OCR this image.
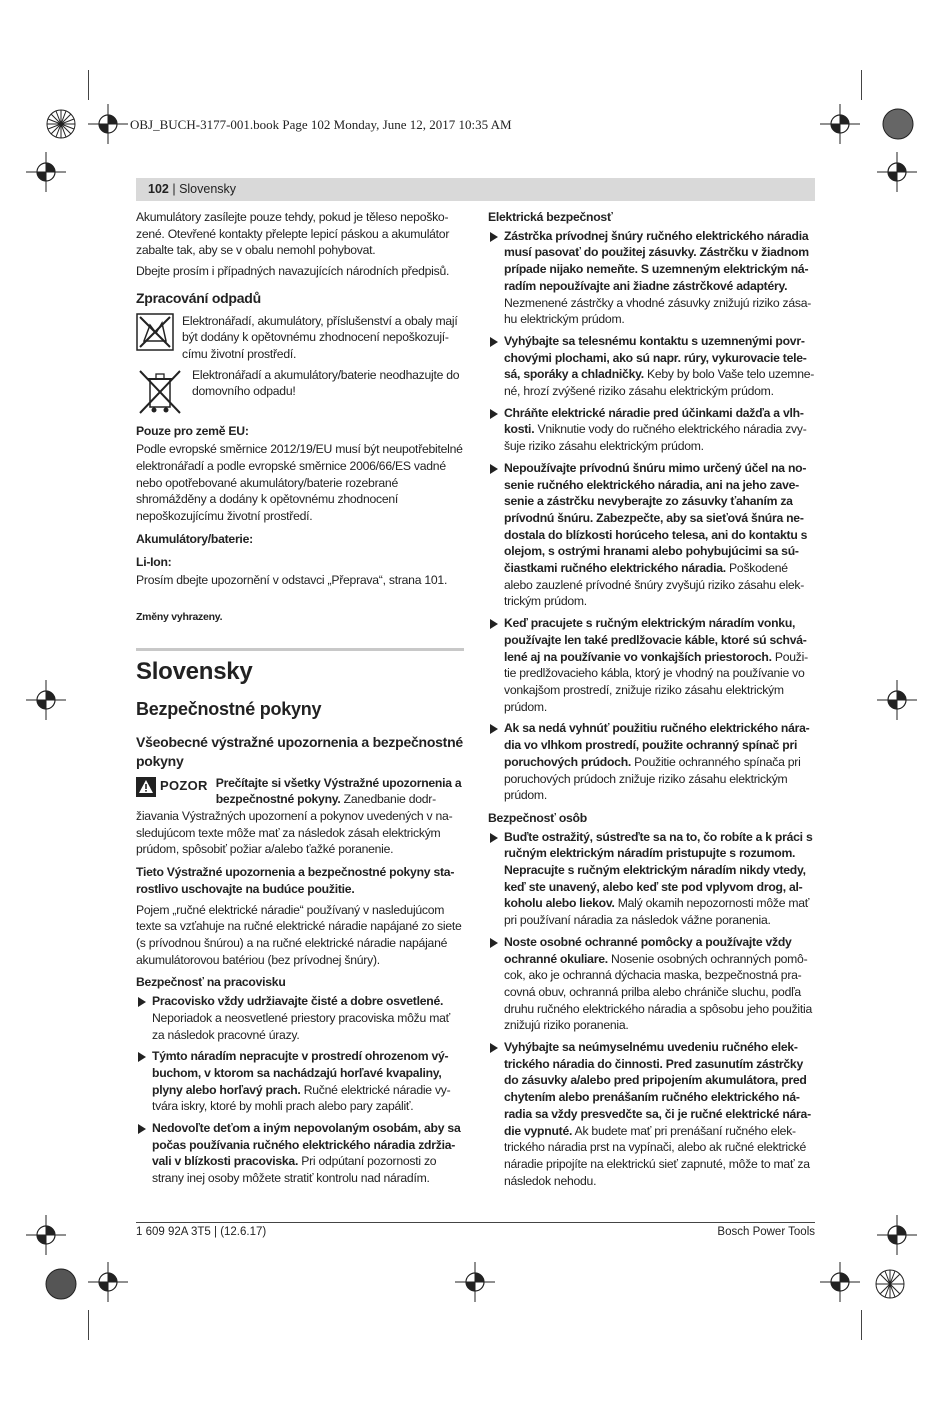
OBJ_BUCH-3177-001.book Page 102 Monday, June 12, 2017 10:35 AM
102 | Slovensky

Akumulátory zasílejte pouze tehdy, pokud je těleso nepoškozené. Otevřené kontakty přelepte lepicí páskou a akumulátor zabalte tak, aby se v obalu nemohl pohybovat.

Dbejte prosím i případných navazujících národních předpisů.

Zpracování odpadů
Elektronářadí, akumulátory, příslušenství a obaly mají být dodány k opětovnému zhodnocení nepoškozujícímu životní prostředí.
Elektronářadí a akumulátory/baterie neodhazujte do domovního odpadu!
Pouze pro země EU:

Podle evropské směrnice 2012/19/EU musí být neupotřebitelné elektronářadí a podle evropské směrnice 2006/66/ES vadné nebo opotřebované akumulátory/baterie rozebrané shromážděny a dodány k opětovnému zhodnocení nepoškozujícímu životní prostředí.

Akumulátory/baterie:
Li-Ion:

Prosím dbejte upozornění v odstavci „Přeprava“, strana 101.

Změny vyhrazeny.
Slovensky
Bezpečnostné pokyny
Všeobecné výstražné upozornenia a bezpečnostné pokyny

POZOR Prečítajte si všetky Výstražné upozornenia a bezpečnostné pokyny. Zanedbanie dodržiavania Výstražných upozornení a pokynov uvedených v nasledujúcom texte môže mať za následok zásah elektrickým prúdom, spôsobiť požiar a/alebo ťažké poranenie.

Tieto Výstražné upozornenia a bezpečnostné pokyny starostlivo uschovajte na budúce použitie.

Pojem „ručné elektrické náradie“ používaný v nasledujúcom texte sa vzťahuje na ručné elektrické náradie napájané zo siete (s prívodnou šnúrou) a na ručné elektrické náradie napájané akumulátorovou batériou (bez prívodnej šnúry).

Bezpečnosť na pracovisku
Pracovisko vždy udržiavajte čisté a dobre osvetlené. Neporiadok a neosvetlené priestory pracoviska môžu mať za následok pracovné úrazy.
Týmto náradím nepracujte v prostredí ohrozenom výbuchom, v ktorom sa nachádzajú horľavé kvapaliny, plyny alebo horľavý prach. Ručné elektrické náradie vytvára iskry, ktoré by mohli prach alebo pary zapáliť.
Nedovoľte deťom a iným nepovolaným osobám, aby sa počas používania ručného elektrického náradia zdržiavali v blízkosti pracoviska. Pri odpútaní pozornosti zo strany inej osoby môžete stratiť kontrolu nad náradím.
Elektrická bezpečnosť
Zástrčka prívodnej šnúry ručného elektrického náradia musí pasovať do použitej zásuvky. Zástrčku v žiadnom prípade nijako nemeňte. S uzemneným elektrickým náradím nepoužívajte ani žiadne zástrčkové adaptéry. Nezmenené zástrčky a vhodné zásuvky znižujú riziko zásahu elektrickým prúdom.
Vyhýbajte sa telesnému kontaktu s uzemnenými povrchovými plochami, ako sú napr. rúry, vykurovacie telesá, sporáky a chladničky. Keby by bolo Vaše telo uzemnené, hrozí zvýšené riziko zásahu elektrickým prúdom.
Chráňte elektrické náradie pred účinkami dažďa a vlhkosti. Vniknutie vody do ručného elektrického náradia zvyšuje riziko zásahu elektrickým prúdom.
Nepoužívajte prívodnú šnúru mimo určený účel na nosenie ručného elektrického náradia, ani na jeho zavesenie a zástrčku nevyberajte zo zásuvky ťahaním za prívodnú šnúru. Zabezpečte, aby sa sieťová šnúra nedostala do blízkosti horúceho telesa, ani do kontaktu s olejom, s ostrými hranami alebo pohybujúcimi sa súčiastkami ručného elektrického náradia. Poškodené alebo zauzlené prívodné šnúry zvyšujú riziko zásahu elektrickým prúdom.
Keď pracujete s ručným elektrickým náradím vonku, používajte len také predlžovacie káble, ktoré sú schválené aj na používanie vo vonkajších priestoroch. Použitie predlžovacieho kábla, ktorý je vhodný na používanie vo vonkajšom prostredí, znižuje riziko zásahu elektrickým prúdom.
Ak sa nedá vyhnúť použitiu ručného elektrického náradia vo vlhkom prostredí, použite ochranný spínač pri poruchových prúdoch. Použitie ochranného spínača pri poruchových prúdoch znižuje riziko zásahu elektrickým prúdom.
Bezpečnosť osôb
Buďte ostražitý, sústreďte sa na to, čo robíte a k práci s ručným elektrickým náradím pristupujte s rozumom. Nepracujte s ručným elektrickým náradím nikdy vtedy, keď ste unavený, alebo keď ste pod vplyvom drog, alkoholu alebo liekov. Malý okamih nepozornosti môže mať pri používaní náradia za následok vážne poranenia.
Noste osobné ochranné pomôcky a používajte vždy ochranné okuliare. Nosenie osobných ochranných pomôcok, ako je ochranná dýchacia maska, bezpečnostná pracovná obuv, ochranná prilba alebo chrániče sluchu, podľa druhu ručného elektrického náradia a spôsobu jeho použitia znižujú riziko poranenia.
Vyhýbajte sa neúmyselnému uvedeniu ručného elektrického náradia do činnosti. Pred zasunutím zástrčky do zásuvky a/alebo pred pripojením akumulátora, pred chytením alebo prenášaním ručného elektrického náradia sa vždy presvedčte sa, či je ručné elektrické náradie vypnuté. Ak budete mať pri prenášaní ručného elektrického náradia prst na vypínači, alebo ak ručné elektrické náradie pripojíte na elektrickú sieť zapnuté, môže to mať za následok nehodu.
1 609 92A 3T5 | (12.6.17)	Bosch Power Tools
